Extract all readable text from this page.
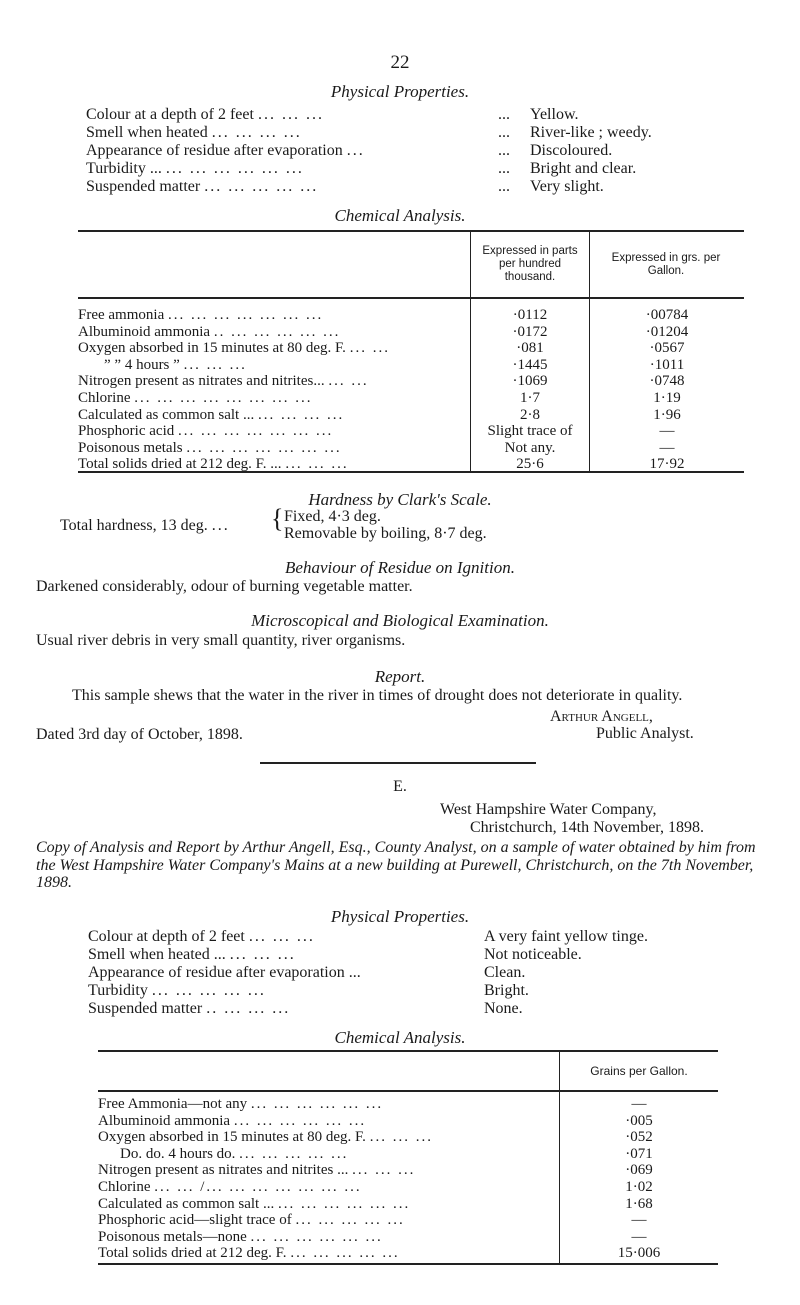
22
Physical Properties.
Colour at a depth of 2 feet ... ... ...
Smell when heated ... ... ... ...
Appearance of residue after evaporation ...
Turbidity ... ... ... ... ... ... ...
Suspended matter ... ... ... ... ...
...
...
...
...
...
Yellow.
River-like ; weedy.
Discoloured.
Bright and clear.
Very slight.
Chemical Analysis.
Expressed in parts per hundred thousand.
Expressed in grs. per Gallon.
Free ammonia ... ... ... ... ... ... ...
Albuminoid ammonia .. ... ... ... ... ...
Oxygen absorbed in 15 minutes at 80 deg. F. ... ...
” ” 4 hours ” ... ... ...
Nitrogen present as nitrates and nitrites... ... ...
Chlorine ... ... ... ... ... ... ... ...
Calculated as common salt ... ... ... ... ...
Phosphoric acid ... ... ... ... ... ... ...
Poisonous metals ... ... ... ... ... ... ...
Total solids dried at 212 deg. F. ... ... ... ...
·0112
·0172
·081
·1445
·1069
1·7
2·8
Slight trace of
Not any.
25·6
·00784
·01204
·0567
·1011
·0748
1·19
1·96
—
—
17·92
Hardness by Clark's Scale.
Total hardness, 13 deg. ... { Fixed, 4·3 deg.
Removable by boiling, 8·7 deg.
Behaviour of Residue on Ignition.
Darkened considerably, odour of burning vegetable matter.
Microscopical and Biological Examination.
Usual river debris in very small quantity, river organisms.
Report.
This sample shews that the water in the river in times of drought does not deteriorate in quality.
Arthur Angell,
Dated 3rd day of October, 1898.	Public Analyst.
E.
West Hampshire Water Company,
Christchurch, 14th November, 1898.
Copy of Analysis and Report by Arthur Angell, Esq., County Analyst, on a sample of water obtained by him from the West Hampshire Water Company's Mains at a new building at Purewell, Christchurch, on the 7th November, 1898.
Physical Properties.
Colour at depth of 2 feet ... ... ...
Smell when heated ... ... ... ...
Appearance of residue after evaporation ...
Turbidity ... ... ... ... ...
Suspended matter .. ... ... ...
A very faint yellow tinge.
Not noticeable.
Clean.
Bright.
None.
Chemical Analysis.
Grains per Gallon.
Free Ammonia—not any ... ... ... ... ... ...
Albuminoid ammonia ... ... ... ... ... ...
Oxygen absorbed in 15 minutes at 80 deg. F. ... ... ...
Do. do. 4 hours do. ... ... ... ... ...
Nitrogen present as nitrates and nitrites ... ... ... ...
Chlorine ... ... /... ... ... ... ... ... ...
Calculated as common salt ... ... ... ... ... ... ...
Phosphoric acid—slight trace of ... ... ... ... ...
Poisonous metals—none ... ... ... ... ... ...
Total solids dried at 212 deg. F. ... ... ... ... ...
—
·005
·052
·071
·069
1·02
1·68
—
—
15·006
